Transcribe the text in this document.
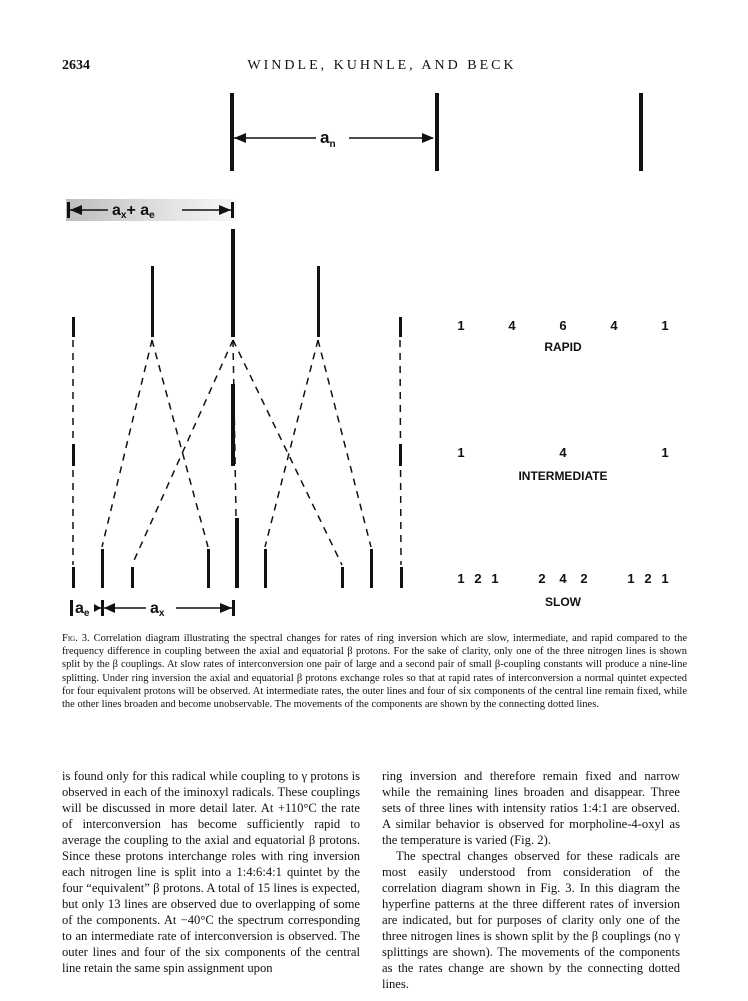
2634	WINDLE, KUHNLE, AND BECK
$a_n$
ax+ ae
ae	ax
1	4	6	4	1
RAPID
1	4	1
INTERMEDIATE
1 2 1	2 4 2	1 2 1
SLOW
Fig. 3. Correlation diagram illustrating the spectral changes for rates of ring inversion which are slow, intermediate, and rapid compared to the frequency difference in coupling between the axial and equatorial β protons. For the sake of clarity, only one of the three nitrogen lines is shown split by the β couplings. At slow rates of interconversion one pair of large and a second pair of small β-coupling constants will produce a nine-line splitting. Under ring inversion the axial and equatorial β protons exchange roles so that at rapid rates of interconversion a normal quintet expected for four equivalent protons will be observed. At intermediate rates, the outer lines and four of six components of the central line remain fixed, while the other lines broaden and become unobservable. The movements of the components are shown by the connecting dotted lines.

is found only for this radical while coupling to γ protons is observed in each of the iminoxyl radicals. These couplings will be discussed in more detail later. At +110°C the rate of interconversion has become sufficiently rapid to average the coupling to the axial and equatorial β protons. Since these protons interchange roles with ring inversion each nitrogen line is split into a 1:4:6:4:1 quintet by the four “equivalent” β protons. A total of 15 lines is expected, but only 13 lines are observed due to overlapping of some of the components. At −40°C the spectrum corresponding to an intermediate rate of interconversion is observed. The outer lines and four of the six components of the central line retain the same spin assignment upon

ring inversion and therefore remain fixed and narrow while the remaining lines broaden and disappear. Three sets of three lines with intensity ratios 1:4:1 are observed. A similar behavior is observed for morpholine-4-oxyl as the temperature is varied (Fig. 2).

The spectral changes observed for these radicals are most easily understood from consideration of the correlation diagram shown in Fig. 3. In this diagram the hyperfine patterns at the three different rates of inversion are indicated, but for purposes of clarity only one of the three nitrogen lines is shown split by the β couplings (no γ splittings are shown). The movements of the components as the rates change are shown by the connecting dotted lines.
